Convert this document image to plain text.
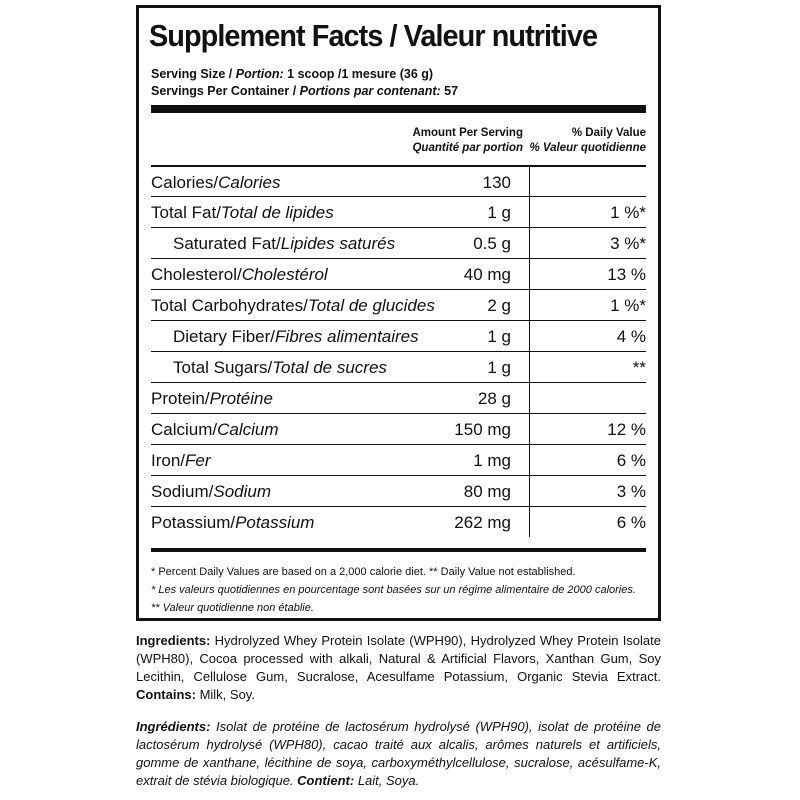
Supplement Facts / Valeur nutritive
Serving Size / Portion: 1 scoop /1 mesure (36 g)
Servings Per Container / Portions par contenant: 57
Amount Per Serving
Quantité par portion
% Daily Value
% Valeur quotidienne
Calories/Calories	130
Total Fat/Total de lipides	1 g	1 %*
Saturated Fat/Lipides saturés	0.5 g	3 %*
Cholesterol/Cholestérol	40 mg	13 %
Total Carbohydrates/Total de glucides	2 g	1 %*
Dietary Fiber/Fibres alimentaires	1 g	4 %
Total Sugars/Total de sucres	1 g	**
Protein/Protéine	28 g
Calcium/Calcium	150 mg	12 %
Iron/Fer	1 mg	6 %
Sodium/Sodium	80 mg	3 %
Potassium/Potassium	262 mg	6 %
* Percent Daily Values are based on a 2,000 calorie diet. ** Daily Value not established.
* Les valeurs quotidiennes en pourcentage sont basées sur un régime alimentaire de 2000 calories.
** Valeur quotidienne non établie.
Ingredients: Hydrolyzed Whey Protein Isolate (WPH90), Hydrolyzed Whey Protein Isolate (WPH80), Cocoa processed with alkali, Natural & Artificial Flavors, Xanthan Gum, Soy Lecithin, Cellulose Gum, Sucralose, Acesulfame Potassium, Organic Stevia Extract. Contains: Milk, Soy.
Ingrédients: Isolat de protéine de lactosérum hydrolysé (WPH90), isolat de protéine de lactosérum hydrolysé (WPH80), cacao traité aux alcalis, arômes naturels et artificiels, gomme de xanthane, lécithine de soya, carboxyméthylcellulose, sucralose, acésulfame-K, extrait de stévia biologique. Contient: Lait, Soya.
